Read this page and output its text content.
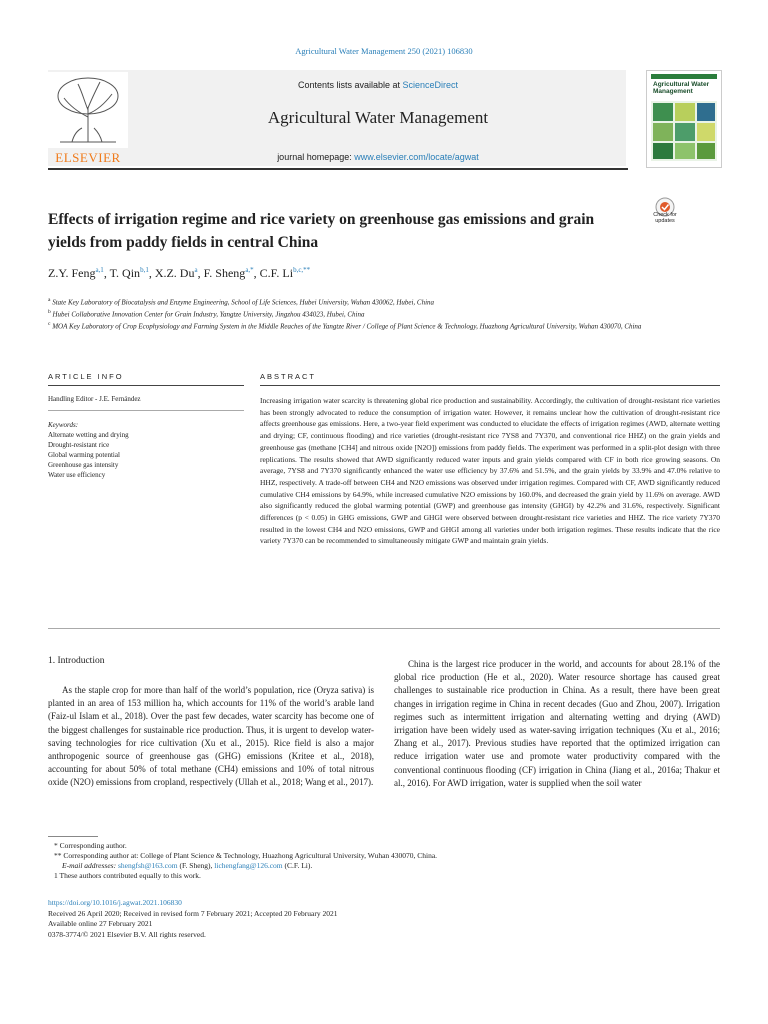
Agricultural Water Management 250 (2021) 106830
ELSEVIER
Contents lists available at ScienceDirect
Agricultural Water Management
journal homepage: www.elsevier.com/locate/agwat
Agricultural Water Management
Effects of irrigation regime and rice variety on greenhouse gas emissions and grain yields from paddy fields in central China
Check for updates
Z.Y. Feng$^{a,1}$, T. Qin$^{b,1}$, X.Z. Du$^a$, F. Sheng$^{a,*}$, C.F. $Li^{b,c,**}$
$^a$ State Key Laboratory of Biocatalysis and Enzyme Engineering, School of Life Sciences, Hubei University, Wuhan 430062, Hubei, China
$^b$ Hubei Collaborative Innovation Center for Grain Industry, Yangtze University, Jingzhou 434023, Hubei, China
$^c$ MOA Key Laboratory of Crop Ecophysiology and Farming System in the Middle Reaches of the Yangtze River / College of Plant Science & Technology, Huazhong Agricultural University, Wuhan 430070, China
ARTICLE INFO
Handling Editor - J.E. Fernández
Keywords:
Alternate wetting and drying
Drought-resistant rice
Global warming potential
Greenhouse gas intensity
Water use efficiency
ABSTRACT
Increasing irrigation water scarcity is threatening global rice production and sustainability. Accordingly, the cultivation of drought-resistant rice varieties has been strongly advocated to reduce the consumption of irrigation water. However, it remains unclear how the cultivation of drought-resistant rice affects greenhouse gas emissions. Here, a two-year field experiment was conducted to elucidate the effects of irrigation regimes (AWD, alternate wetting and drying; CF, continuous flooding) and rice varieties (drought-resistant rice 7YS8 and 7Y370, and conventional rice HHZ) on the grain yields and greenhouse gas (methane [CH4] and nitrous oxide [N2O]) emissions from paddy fields. The experiment was performed in a split-plot design with three replications. The results showed that AWD significantly reduced water inputs and grain yields compared with CF in both rice growing seasons. On average, 7YS8 and 7Y370 significantly enhanced the water use efficiency by 37.6% and 51.5%, and the grain yields by 33.9% and 47.0% relative to HHZ, respectively. A trade-off between CH4 and N2O emissions was observed under irrigation regimes. Compared with CF, AWD significantly reduced cumulative CH4 emissions by 64.9%, while increased cumulative N2O emissions by 160.0%, and decreased the grain yield by 11.6% on average. AWD also significantly reduced the global warming potential (GWP) and greenhouse gas intensity (GHGI) by 42.2% and 31.6%, respectively. Significant differences (p < 0.05) in GHG emissions, GWP and GHGI were observed between drought-resistant rice varieties and HHZ. The rice variety 7Y370 resulted in the lowest CH4 and N2O emissions, GWP and GHGI among all varieties under both irrigation regimes. These results indicate that the rice variety 7Y370 can be recommended to simultaneously mitigate GWP and maintain grain yields.
1. Introduction

As the staple crop for more than half of the world’s population, rice (Oryza sativa) is planted in an area of 153 million ha, which accounts for 11% of the world’s arable land (Faiz-ul Islam et al., 2018). Over the past few decades, water scarcity has become one of the biggest challenges for sustainable rice production. Thus, it is urgent to develop water-saving technologies for rice cultivation (Xu et al., 2015). Rice field is also a major anthropogenic source of greenhouse gas (GHG) emissions (Kritee et al., 2018), accounting for about 50% of total methane (CH4) emissions and 10% of total nitrous oxide (N2O) emissions from cropland, respectively (Ullah et al., 2018; Wang et al., 2017).

China is the largest rice producer in the world, and accounts for about 28.1% of the global rice production (He et al., 2020). Water resource shortage has caused great challenges to sustainable rice production in China. As a result, there have been great changes in irrigation regime in China in recent decades (Guo and Zhou, 2007). Irrigation regimes such as intermittent irrigation and alternating wetting and drying (AWD) irrigation have been widely used as water-saving irrigation techniques (Xu et al., 2016; Zhang et al., 2017). Previous studies have reported that the optimized irrigation can reduce irrigation water use and promote water productivity compared with the conventional continuous flooding (CF) irrigation in China (Jiang et al., 2016a; Thakur et al., 2016). For AWD irrigation, water is supplied when the soil water

* Corresponding author.
** Corresponding author at: College of Plant Science & Technology, Huazhong Agricultural University, Wuhan 430070, China.
E-mail addresses: shengfsh@163.com (F. Sheng), lichengfang@126.com (C.F. Li).
1 These authors contributed equally to this work.
https://doi.org/10.1016/j.agwat.2021.106830
Received 26 April 2020; Received in revised form 7 February 2021; Accepted 20 February 2021
Available online 27 February 2021
0378-3774/© 2021 Elsevier B.V. All rights reserved.
